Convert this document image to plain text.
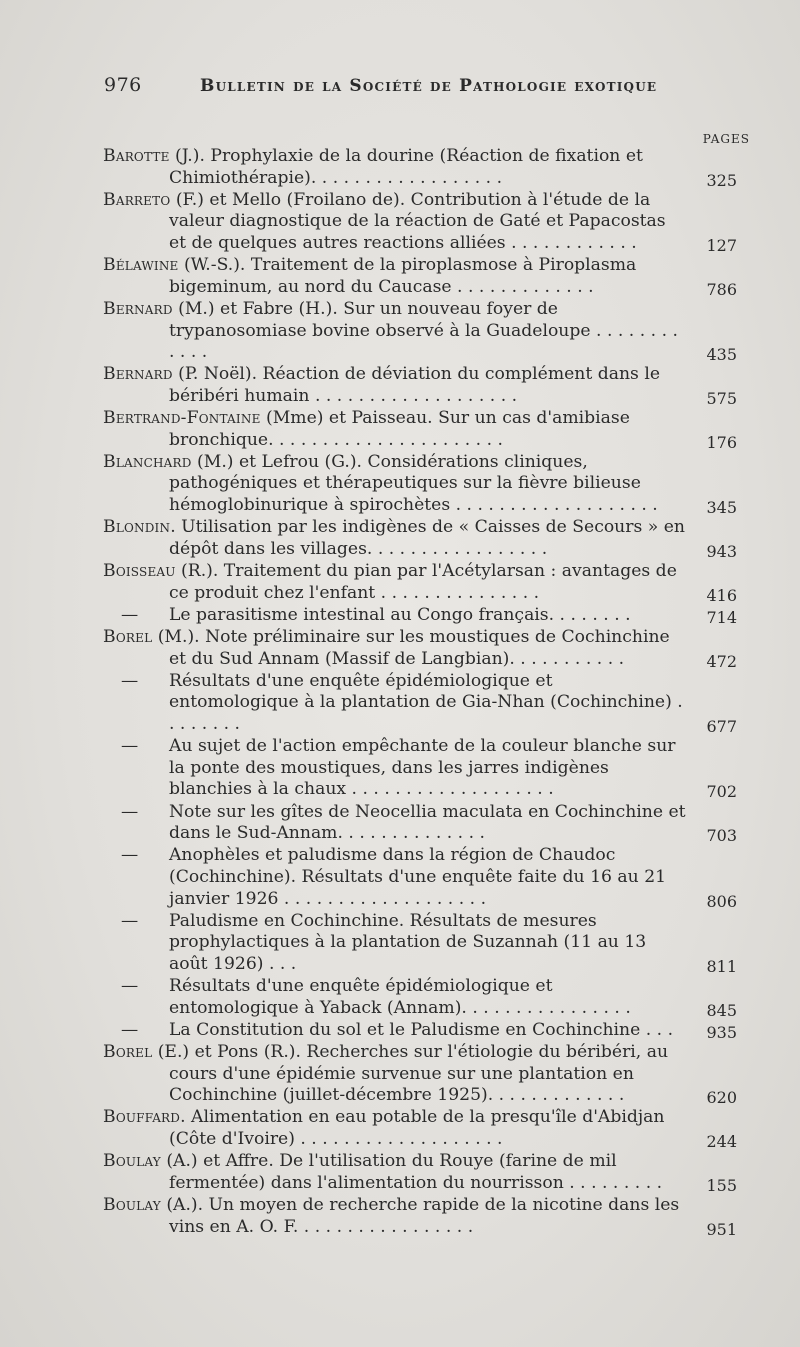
976	Bulletin de la Société de Pathologie exotique
PAGES
Barotte (J.). Prophylaxie de la dourine (Réaction de fixation et Chimiothérapie). . . . . . . . . . . . . . . . . .	325
Barreto (F.) et Mello (Froilano de). Contribution à l'étude de la valeur diagnostique de la réaction de Gaté et Papacostas et de quelques autres reactions alliées . . . . . . . . . . . .	127
Bélawine (W.-S.). Traitement de la piroplasmose à Piroplasma bigeminum, au nord du Caucase . . . . . . . . . . . . .	786
Bernard (M.) et Fabre (H.). Sur un nouveau foyer de trypanosomiase bovine observé à la Guadeloupe . . . . . . . . . . . .	435
Bernard (P. Noël). Réaction de déviation du complément dans le béribéri humain . . . . . . . . . . . . . . . . . . .	575
Bertrand-Fontaine (Mme) et Paisseau. Sur un cas d'amibiase bronchique. . . . . . . . . . . . . . . . . . . . . .	176
Blanchard (M.) et Lefrou (G.). Considérations cliniques, pathogéniques et thérapeutiques sur la fièvre bilieuse hémoglobinurique à spirochètes . . . . . . . . . . . . . . . . . . .	345
Blondin. Utilisation par les indigènes de « Caisses de Secours » en dépôt dans les villages. . . . . . . . . . . . . . . . .	943
Boisseau (R.). Traitement du pian par l'Acétylarsan : avantages de ce produit chez l'enfant . . . . . . . . . . . . . . .	416
— Le parasitisme intestinal au Congo français. . . . . . . .	714
Borel (M.). Note préliminaire sur les moustiques de Cochinchine et du Sud Annam (Massif de Langbian). . . . . . . . . . .	472
— Résultats d'une enquête épidémiologique et entomologique à la plantation de Gia-Nhan (Cochinchine) . . . . . . . .	677
— Au sujet de l'action empêchante de la couleur blanche sur la ponte des moustiques, dans les jarres indigènes blanchies à la chaux . . . . . . . . . . . . . . . . . . .	702
— Note sur les gîtes de Neocellia maculata en Cochinchine et dans le Sud-Annam. . . . . . . . . . . . . .	703
— Anophèles et paludisme dans la région de Chaudoc (Cochinchine). Résultats d'une enquête faite du 16 au 21 janvier 1926 . . . . . . . . . . . . . . . . . . .	806
— Paludisme en Cochinchine. Résultats de mesures prophylactiques à la plantation de Suzannah (11 au 13 août 1926) . . .	811
— Résultats d'une enquête épidémiologique et entomologique à Yaback (Annam). . . . . . . . . . . . . . . .	845
— La Constitution du sol et le Paludisme en Cochinchine . . .	935
Borel (E.) et Pons (R.). Recherches sur l'étiologie du béribéri, au cours d'une épidémie survenue sur une plantation en Cochinchine (juillet-décembre 1925). . . . . . . . . . . . .	620
Bouffard. Alimentation en eau potable de la presqu'île d'Abidjan (Côte d'Ivoire) . . . . . . . . . . . . . . . . . . .	244
Boulay (A.) et Affre. De l'utilisation du Rouye (farine de mil fermentée) dans l'alimentation du nourrisson . . . . . . . . .	155
Boulay (A.). Un moyen de recherche rapide de la nicotine dans les vins en A. O. F. . . . . . . . . . . . . . . . .	951
